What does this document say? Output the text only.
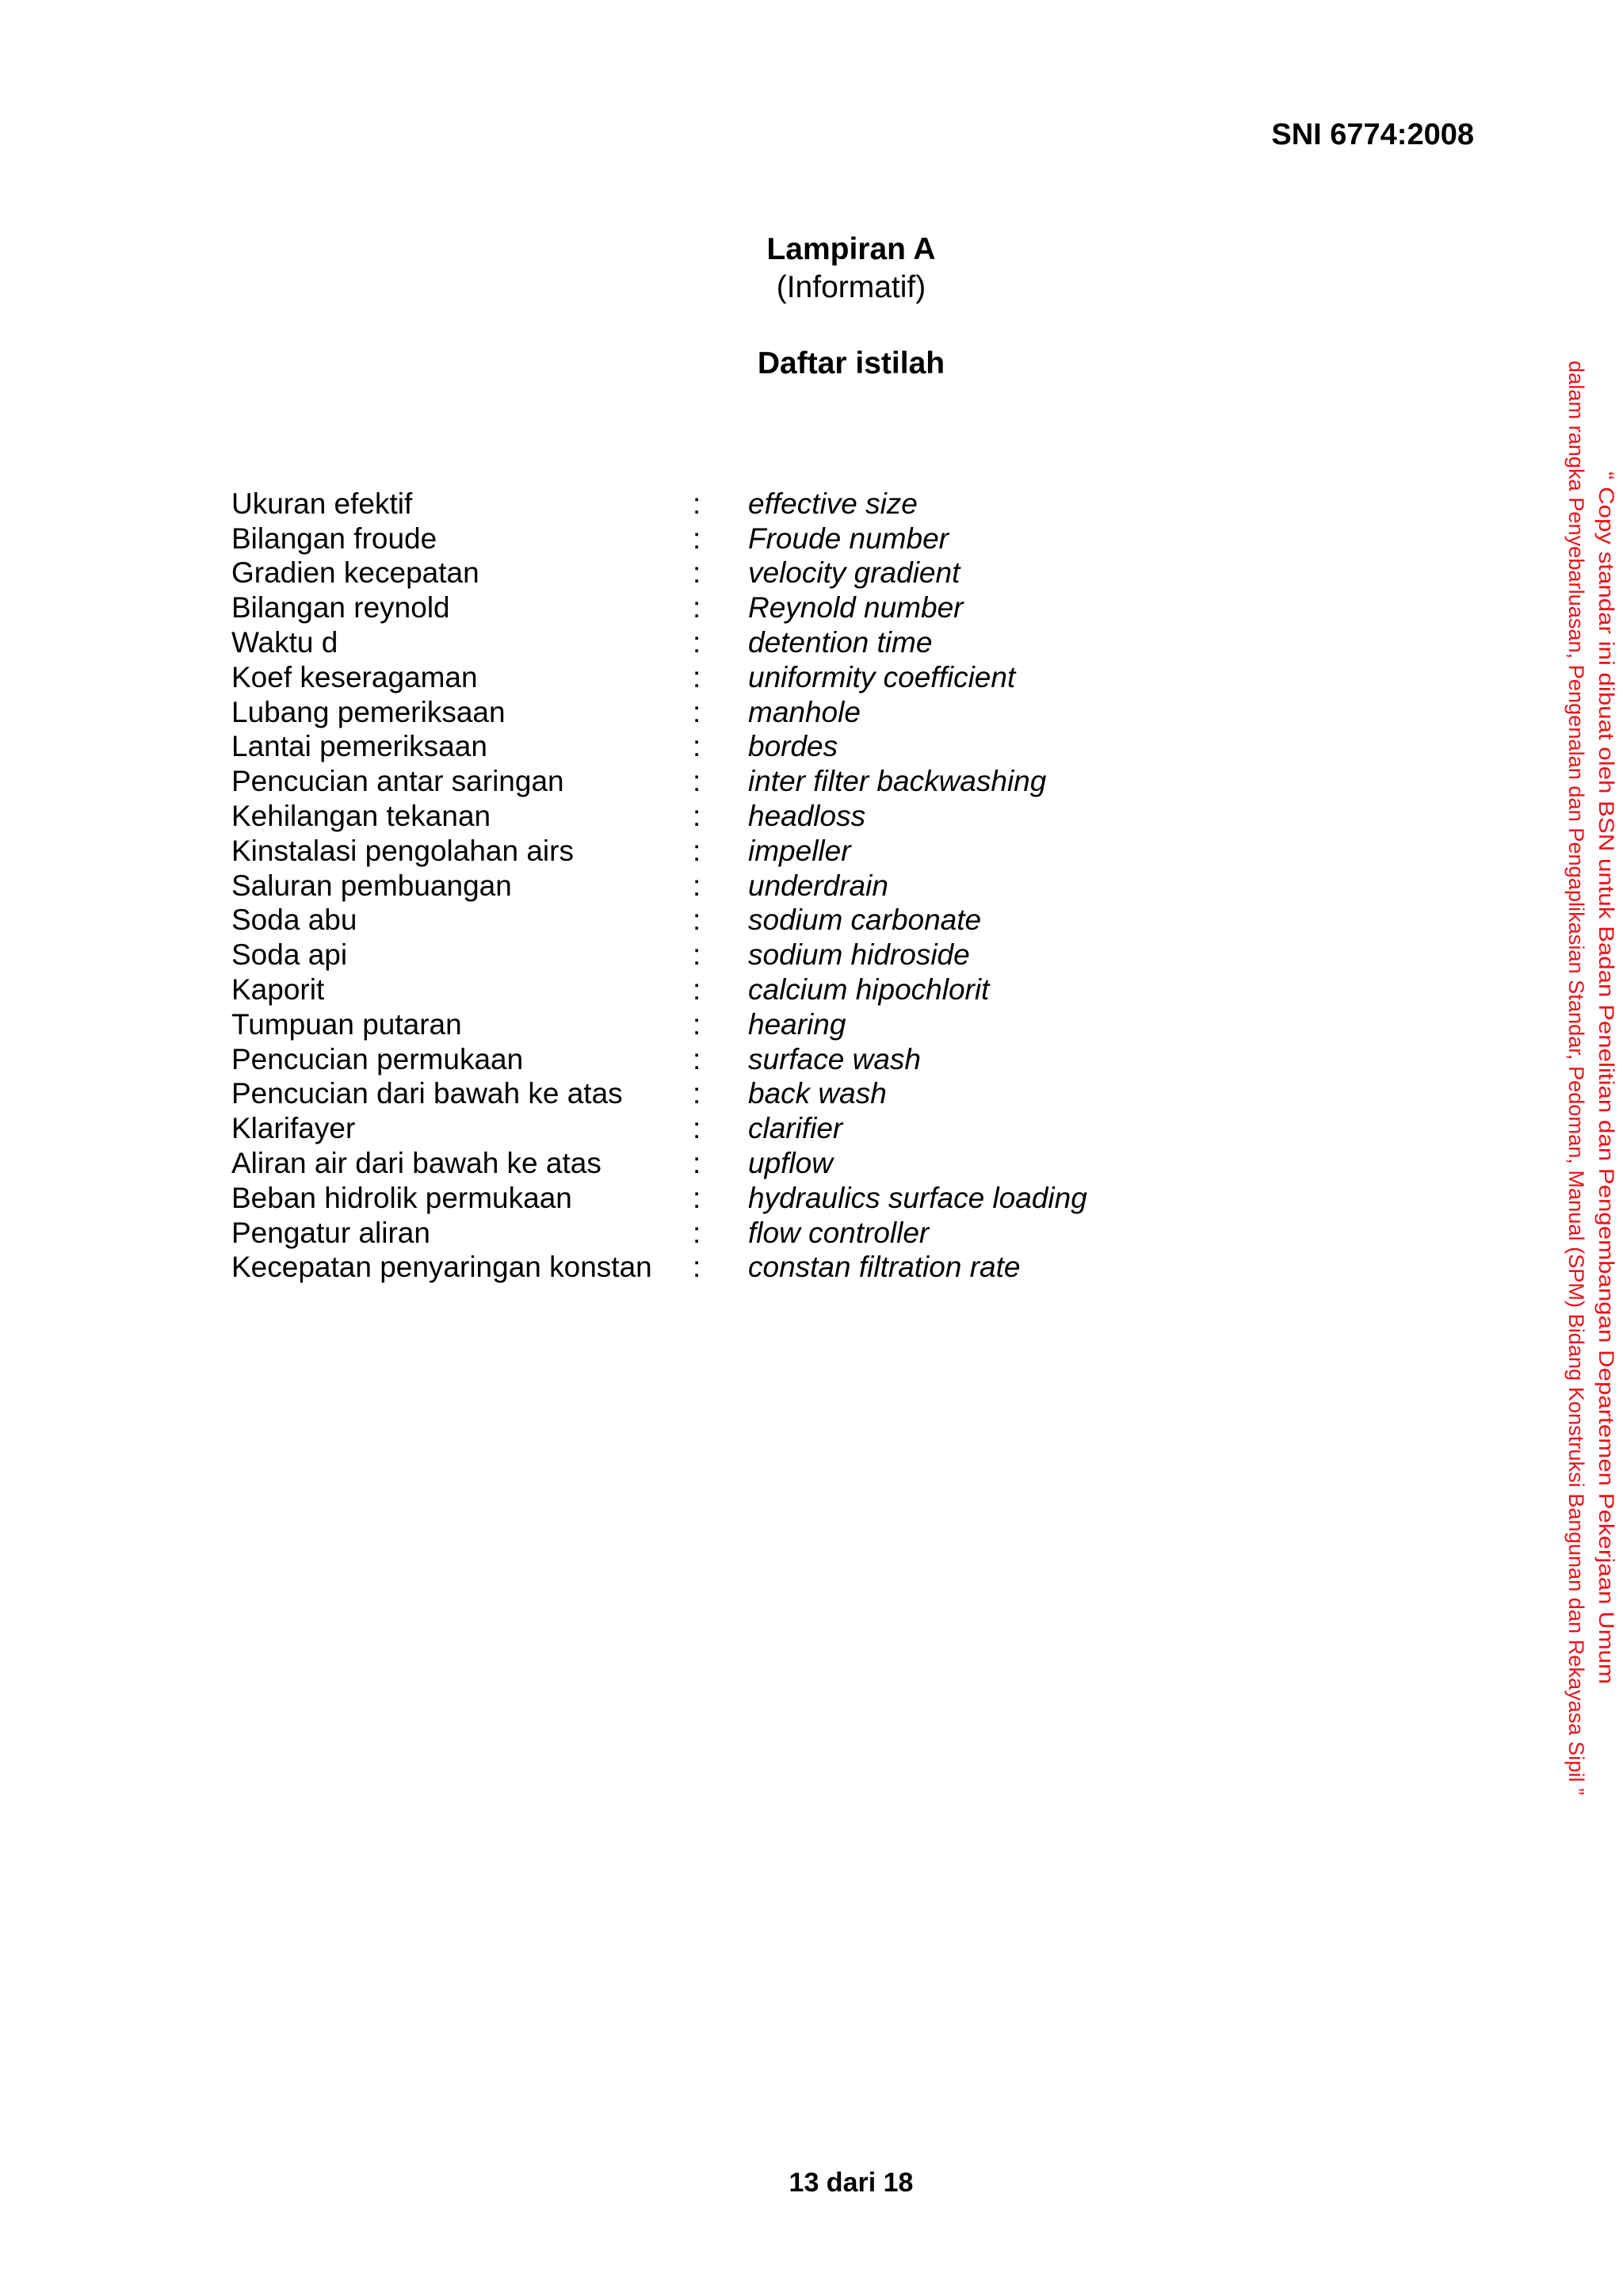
SNI 6774:2008
Lampiran A
(Informatif)
Daftar istilah
Ukuran efektif	:	effective size
Bilangan froude	:	Froude number
Gradien kecepatan	:	velocity gradient
Bilangan reynold	:	Reynold number
Waktu d	:	detention time
Koef keseragaman	:	uniformity coefficient
Lubang pemeriksaan	:	manhole
Lantai pemeriksaan	:	bordes
Pencucian antar saringan	:	inter filter backwashing
Kehilangan tekanan	:	headloss
Kinstalasi pengolahan airs	:	impeller
Saluran pembuangan	:	underdrain
Soda abu	:	sodium carbonate
Soda api	:	sodium hidroside
Kaporit	:	calcium hipochlorit
Tumpuan putaran	:	hearing
Pencucian permukaan	:	surface wash
Pencucian dari bawah ke atas	:	back wash
Klarifayer	:	clarifier
Aliran air dari bawah ke atas	:	upflow
Beban hidrolik permukaan	:	hydraulics surface loading
Pengatur aliran	:	flow controller
Kecepatan penyaringan konstan	:	constan filtration rate	“ Copy standar ini dibuat oleh BSN untuk Badan Penelitian dan Pengembangan Departemen Pekerjaan Umum
dalam rangka Penyebarluasan, Pengenalan dan Pengaplikasian Standar, Pedoman, Manual (SPM) Bidang Konstruksi Bangunan dan Rekayasa Sipil ”
13 dari 18
